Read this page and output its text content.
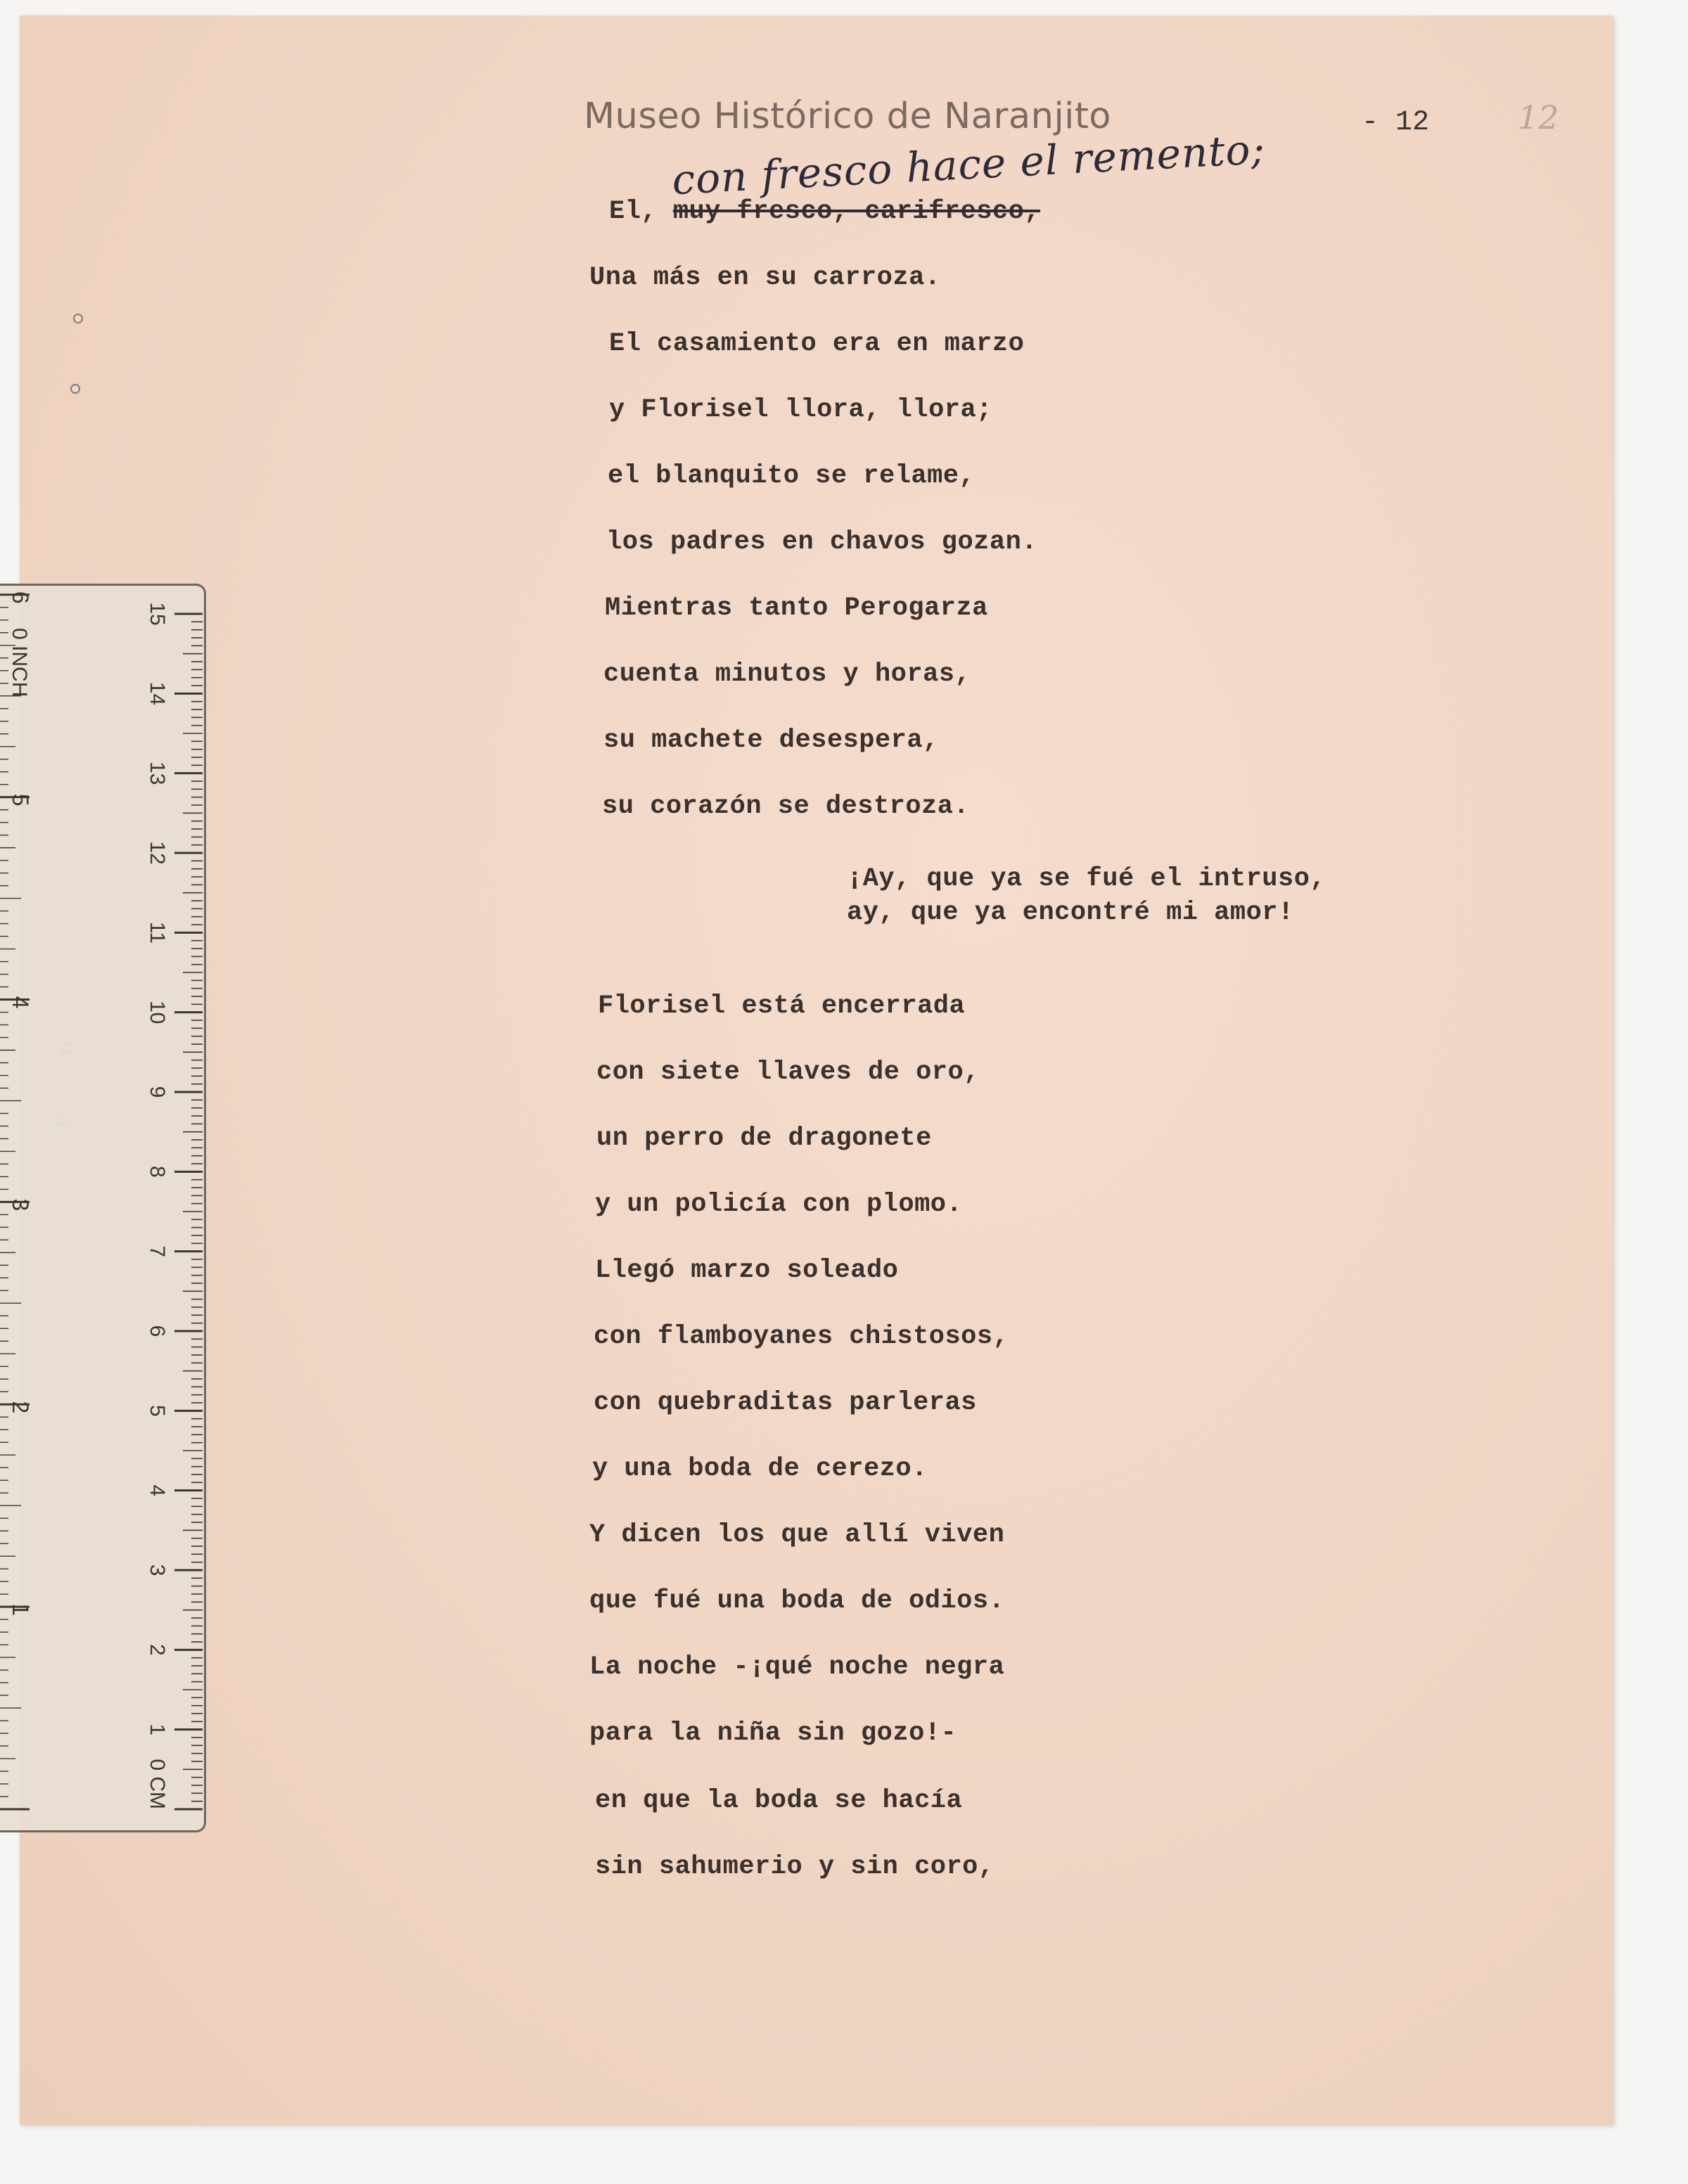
Museo Histórico de Naranjito	- 12	12
con fresco hace el remento;
El, muy fresco, carifresco,
Una más en su carroza.
El casamiento era en marzo
y Florisel llora, llora;
el blanquito se relame,
los padres en chavos gozan.
Mientras tanto Perogarza
cuenta minutos y horas,
su machete desespera,
su corazón se destroza.
¡Ay, que ya se fué el intruso,
ay, que ya encontré mi amor!
Florisel está encerrada
con siete llaves de oro,
un perro de dragonete
y un policía con plomo.
Llegó marzo soleado
con flamboyanes chistosos,
con quebraditas parleras
y una boda de cerezo.
Y dicen los que allí viven
que fué una boda de odios.
La noche -¡qué noche negra
para la niña sin gozo!-
en que la boda se hacía
sin sahumerio y sin coro,
0 CM
1
2
3
4
5
6
7
8
9
10
11
12
13
14
15
1
2
3
4
5
6
0 INCH
